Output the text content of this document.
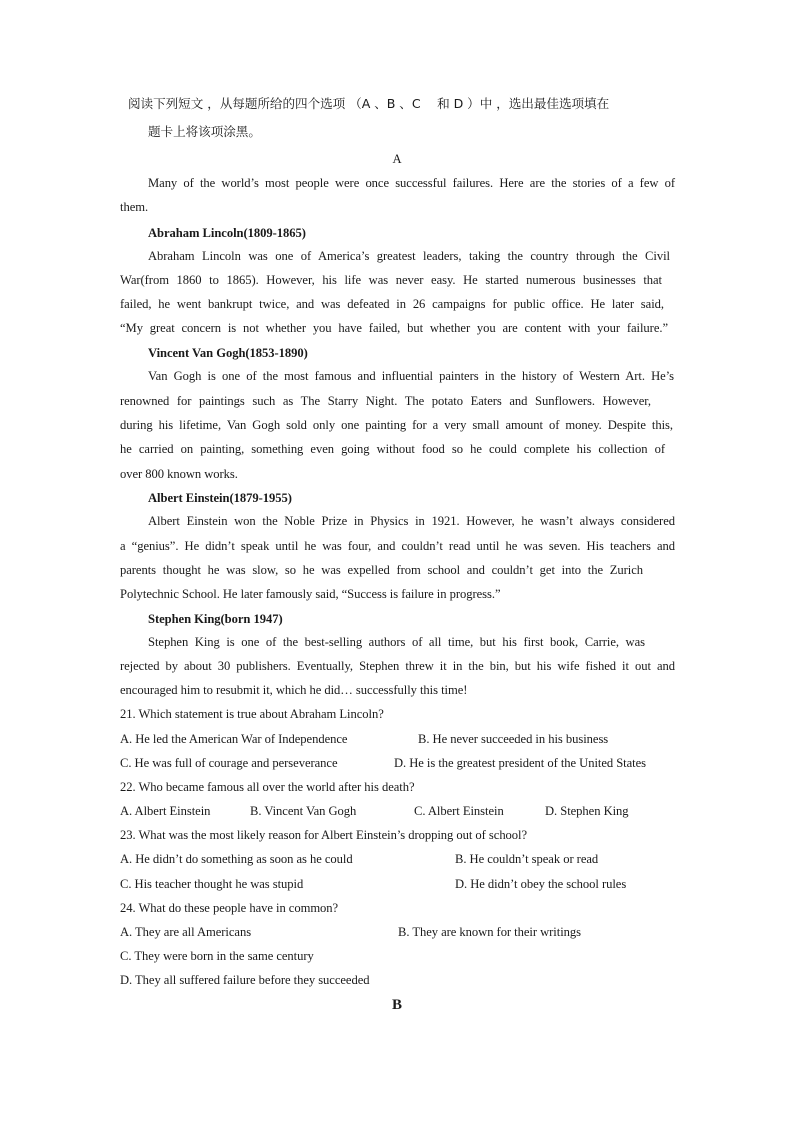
阅读下列短文 ，从每题所给的四个选项 （A 、B 、C 　和 D ）中 ，选出最佳选项填在
题卡上将该项涂黑。
A
Many of the world’s most people were once successful failures. Here are the stories of a few of
them.
Abraham Lincoln(1809-1865)
Abraham Lincoln was one of America’s greatest leaders, taking the country through the Civil
War(from 1860 to 1865). However, his life was never easy. He started numerous businesses that
failed, he went bankrupt twice, and was defeated in 26 campaigns for public office. He later said,
“My great concern is not whether you have failed, but whether you are content with your failure.”
Vincent Van Gogh(1853-1890)
Van Gogh is one of the most famous and influential painters in the history of Western Art. He’s
renowned for paintings such as The Starry Night. The potato Eaters and Sunflowers. However,
during his lifetime, Van Gogh sold only one painting for a very small amount of money. Despite this,
he carried on painting, something even going without food so he could complete his collection of
over 800 known works.
Albert Einstein(1879-1955)
Albert Einstein won the Noble Prize in Physics in 1921. However, he wasn’t always considered
a “genius”. He didn’t speak until he was four, and couldn’t read until he was seven. His teachers and
parents thought he was slow, so he was expelled from school and couldn’t get into the Zurich
Polytechnic School. He later famously said, “Success is failure in progress.”
Stephen King(born 1947)
Stephen King is one of the best-selling authors of all time, but his first book, Carrie, was
rejected by about 30 publishers. Eventually, Stephen threw it in the bin, but his wife fished it out and
encouraged him to resubmit it, which he did… successfully this time!
21. Which statement is true about Abraham Lincoln?
A. He led the American War of Independence	B. He never succeeded in his business
C. He was full of courage and perseverance	D. He is the greatest president of the United States
22. Who became famous all over the world after his death?
A. Albert Einstein	B. Vincent Van Gogh	C. Albert Einstein	D. Stephen King
23. What was the most likely reason for Albert Einstein’s dropping out of school?
A. He didn’t do something as soon as he could	B. He couldn’t speak or read
C. His teacher thought he was stupid	D. He didn’t obey the school rules
24. What do these people have in common?
A. They are all Americans	B. They are known for their writings
C. They were born in the same century
D. They all suffered failure before they succeeded
B
